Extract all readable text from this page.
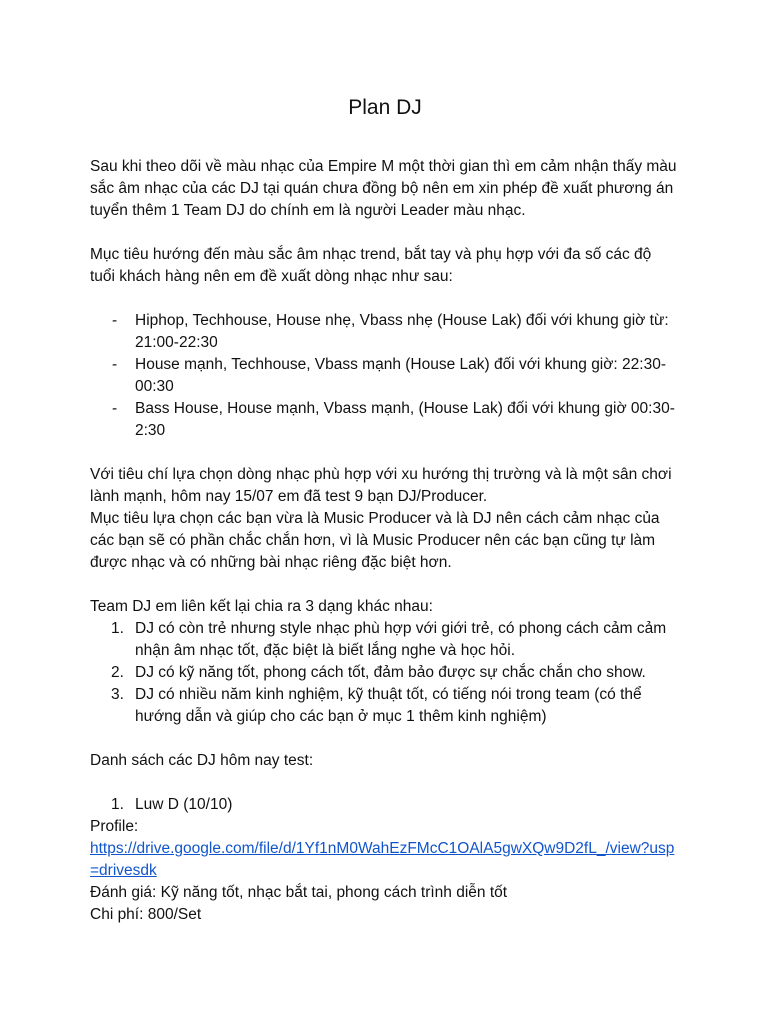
Plan DJ

Sau khi theo dõi về màu nhạc của Empire M một thời gian thì em cảm nhận thấy màu sắc âm nhạc của các DJ tại quán chưa đồng bộ nên em xin phép đề xuất phương án tuyển thêm 1 Team DJ do chính em là người Leader màu nhạc.

Mục tiêu hướng đến màu sắc âm nhạc trend, bắt tay và phụ hợp với đa số các độ tuổi khách hàng nên em đề xuất dòng nhạc như sau:

- Hiphop, Techhouse, House nhẹ, Vbass nhẹ (House Lak) đối với khung giờ từ: 21:00-22:30
- House mạnh, Techhouse, Vbass mạnh (House Lak) đối với khung giờ: 22:30-00:30
- Bass House, House mạnh, Vbass mạnh, (House Lak) đối với khung giờ 00:30-2:30

Với tiêu chí lựa chọn dòng nhạc phù hợp với xu hướng thị trường và là một sân chơi lành mạnh, hôm nay 15/07 em đã test 9 bạn DJ/Producer.

Mục tiêu lựa chọn các bạn vừa là Music Producer và là DJ nên cách cảm nhạc của các bạn sẽ có phần chắc chắn hơn, vì là Music Producer nên các bạn cũng tự làm được nhạc và có những bài nhạc riêng đặc biệt hơn.

Team DJ em liên kết lại chia ra 3 dạng khác nhau:

1. DJ có còn trẻ nhưng style nhạc phù hợp với giới trẻ, có phong cách cảm cảm nhận âm nhạc tốt, đặc biệt là biết lắng nghe và học hỏi.
2. DJ có kỹ năng tốt, phong cách tốt, đảm bảo được sự chắc chắn cho show.
3. DJ có nhiều năm kinh nghiệm, kỹ thuật tốt, có tiếng nói trong team (có thể hướng dẫn và giúp cho các bạn ở mục 1 thêm kinh nghiệm)

Danh sách các DJ hôm nay test:

1. Luw D (10/10)

Profile:

https://drive.google.com/file/d/1Yf1nM0WahEzFMcC1OAlA5gwXQw9D2fL_/view?usp=drivesdk

Đánh giá: Kỹ năng tốt, nhạc bắt tai, phong cách trình diễn tốt

Chi phí: 800/Set
